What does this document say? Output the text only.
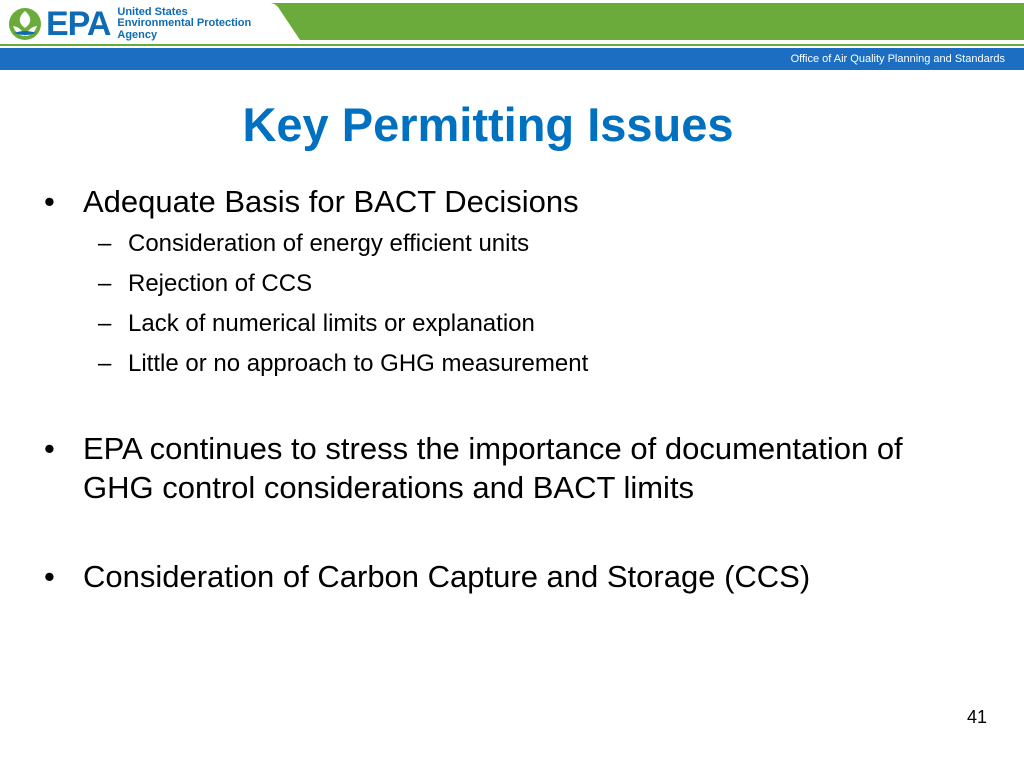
EPA United States
Environmental Protection
Agency
Office of Air Quality Planning and Standards
Key Permitting Issues
• Adequate Basis for BACT Decisions
– Consideration of energy efficient units
– Rejection of CCS
– Lack of numerical limits or explanation
– Little or no approach to GHG measurement
• EPA continues to stress the importance of documentation of GHG control considerations and BACT limits
• Consideration of Carbon Capture and Storage (CCS)
41
